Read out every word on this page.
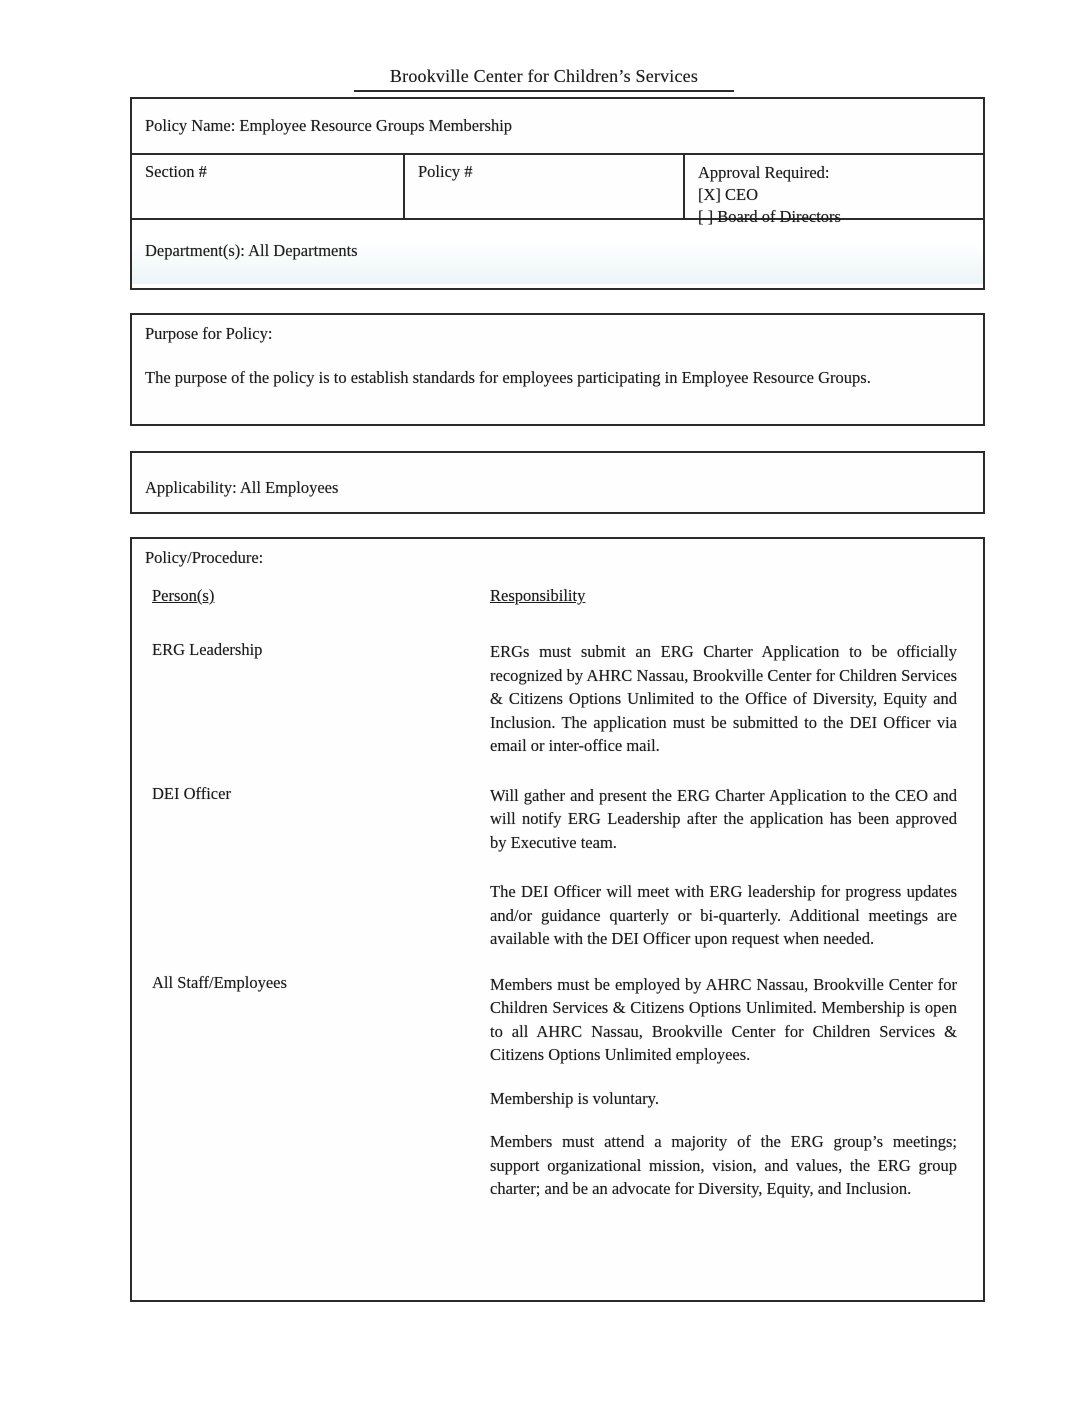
Brookville Center for Children’s Services
Policy Name: Employee Resource Groups Membership
Section #	Policy #	Approval Required:
[X] CEO
[ ] Board of Directors
Department(s): All Departments
Purpose for Policy:

The purpose of the policy is to establish standards for employees participating in Employee Resource Groups.

Applicability: All Employees
Policy/Procedure:
Person(s)	Responsibility
ERG Leadership	ERGs must submit an ERG Charter Application to be officially recognized by AHRC Nassau, Brookville Center for Children Services & Citizens Options Unlimited to the Office of Diversity, Equity and Inclusion. The application must be submitted to the DEI Officer via email or inter-office mail.

DEI Officer	Will gather and present the ERG Charter Application to the CEO and will notify ERG Leadership after the application has been approved by Executive team.

The DEI Officer will meet with ERG leadership for progress updates and/or guidance quarterly or bi-quarterly. Additional meetings are available with the DEI Officer upon request when needed.

All Staff/Employees	Members must be employed by AHRC Nassau, Brookville Center for Children Services & Citizens Options Unlimited. Membership is open to all AHRC Nassau, Brookville Center for Children Services & Citizens Options Unlimited employees.

Membership is voluntary.

Members must attend a majority of the ERG group’s meetings; support organizational mission, vision, and values, the ERG group charter; and be an advocate for Diversity, Equity, and Inclusion.
